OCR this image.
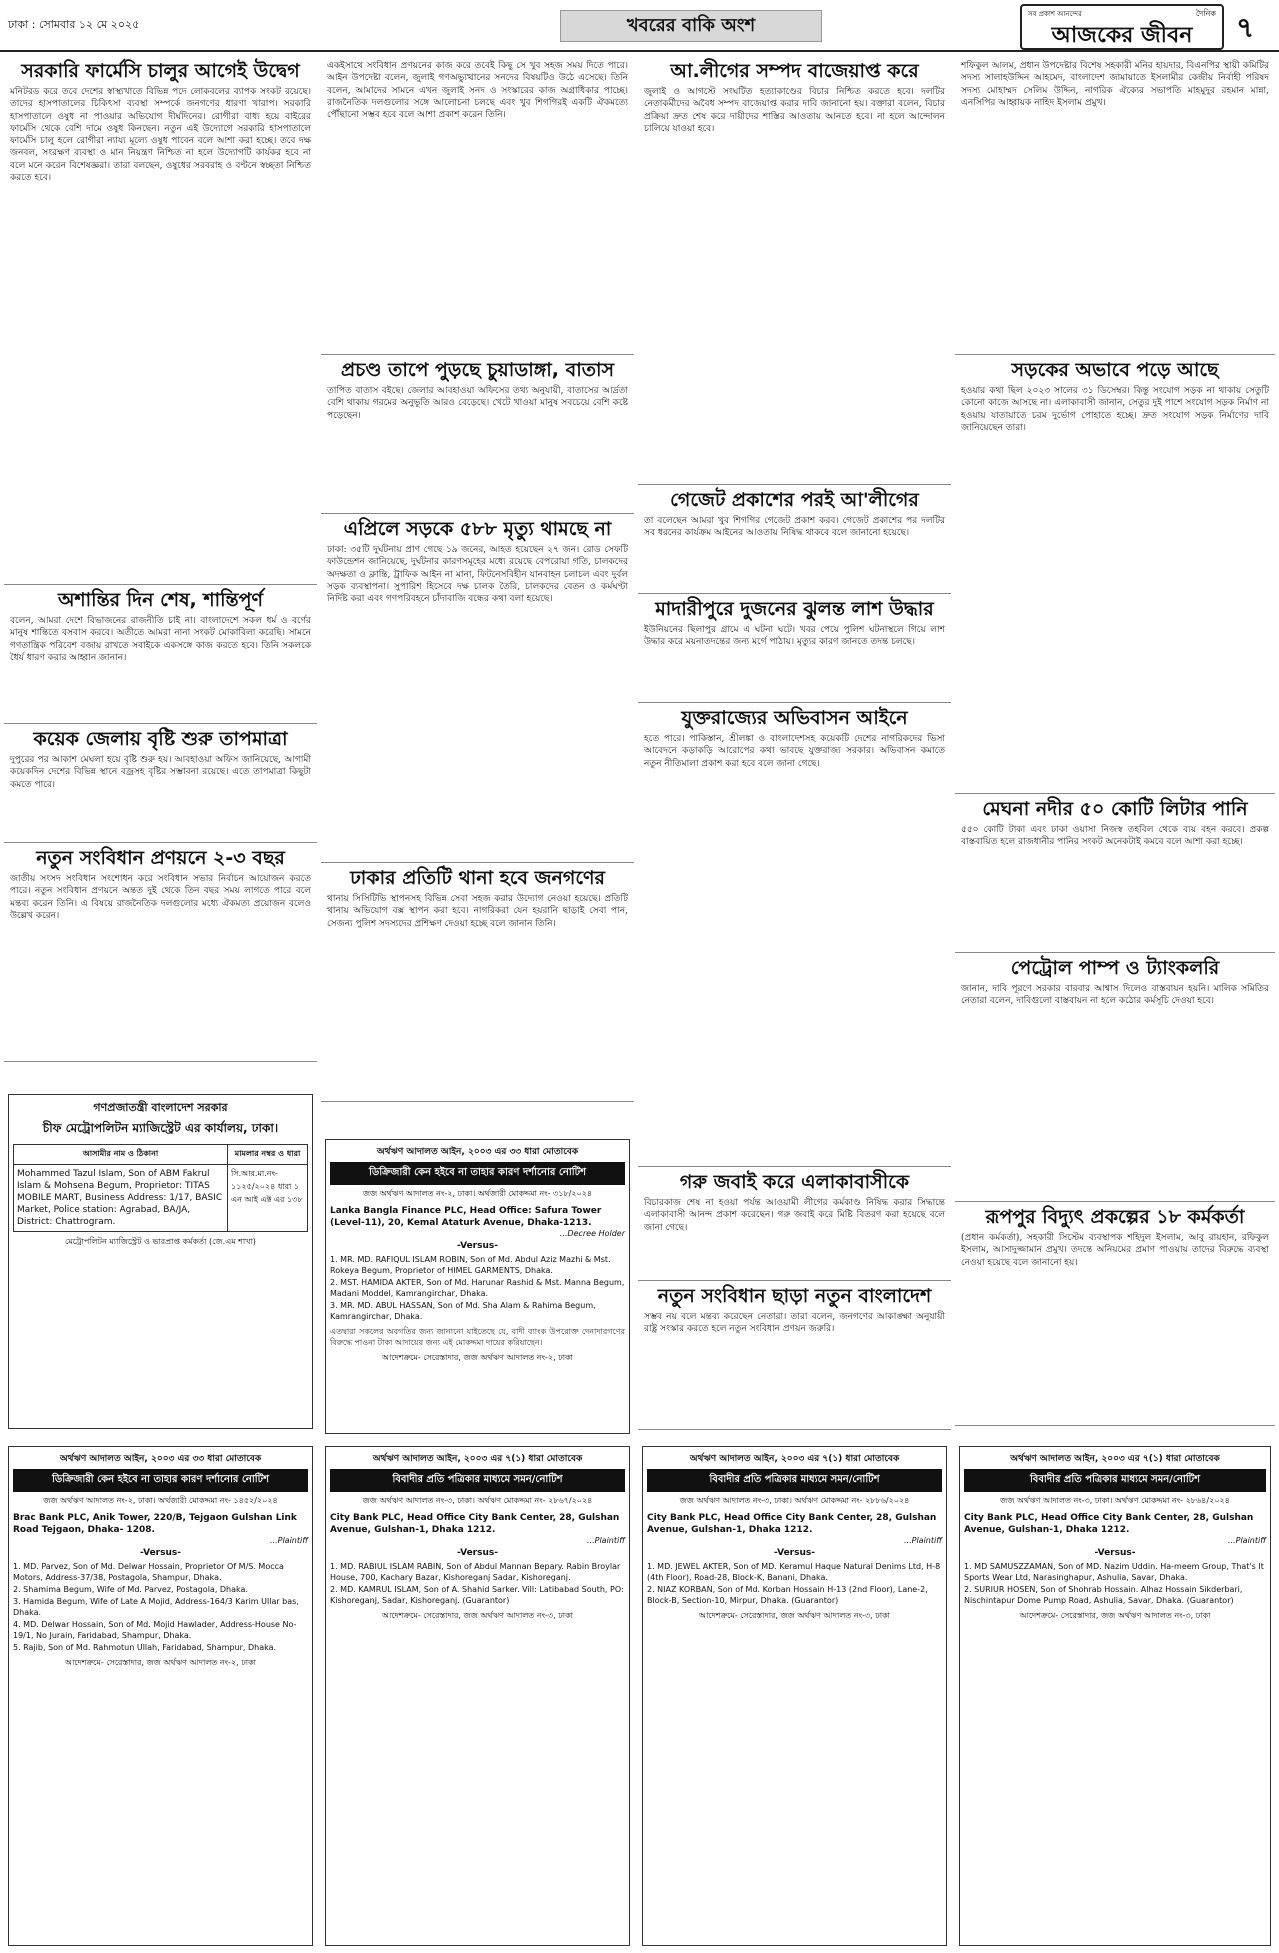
ঢাকা : সোমবার ১২ মে ২০২৫	খবরের বাকি অংশ
সব প্রকাশ আনন্দের	দৈনিক
আজকের জীবন	৭
সরকারি ফার্মেসি চালুর আগেই উদ্বেগ

মনিটরড করে তবে দেশের স্বাস্থ্যখাতে বিভিন্ন পদে লোকবলের ব্যাপক সংকট রয়েছে। তাদের হাসপাতালের চিকিৎসা ব্যবস্থা সম্পর্কে জনগণের ধারণা খারাপ। সরকারি হাসপাতালে ওষুধ না পাওয়ার অভিযোগ দীর্ঘদিনের। রোগীরা বাধ্য হয়ে বাইরের ফার্মেসি থেকে বেশি দামে ওষুধ কিনছেন। নতুন এই উদ্যোগে সরকারি হাসপাতালে ফার্মেসি চালু হলে রোগীরা ন্যায্য মূল্যে ওষুধ পাবেন বলে আশা করা হচ্ছে। তবে দক্ষ জনবল, সংরক্ষণ ব্যবস্থা ও মান নিয়ন্ত্রণ নিশ্চিত না হলে উদ্যোগটি কার্যকর হবে না বলে মনে করেন বিশেষজ্ঞরা। তারা বলছেন, ওষুধের সরবরাহ ও বণ্টনে স্বচ্ছতা নিশ্চিত করতে হবে।

অশান্তির দিন শেষ, শান্তিপূর্ণ

বলেন, আমরা দেশে বিভাজনের রাজনীতি চাই না। বাংলাদেশে সকল ধর্ম ও বর্ণের মানুষ শান্তিতে বসবাস করবে। অতীতে আমরা নানা সংকট মোকাবিলা করেছি। সামনে গণতান্ত্রিক পরিবেশ বজায় রাখতে সবাইকে একসঙ্গে কাজ করতে হবে। তিনি সকলকে ধৈর্য ধারণ করার আহ্বান জানান।

কয়েক জেলায় বৃষ্টি শুরু তাপমাত্রা

দুপুরের পর আকাশ মেঘলা হয়ে বৃষ্টি শুরু হয়। আবহাওয়া অফিস জানিয়েছে, আগামী কয়েকদিন দেশের বিভিন্ন স্থানে বজ্রসহ বৃষ্টির সম্ভাবনা রয়েছে। এতে তাপমাত্রা কিছুটা কমতে পারে।

নতুন সংবিধান প্রণয়নে ২-৩ বছর

জাতীয় সংসদ সংবিধান সংশোধন করে সংবিধান সভার নির্বাচন আয়োজন করতে পারে। নতুন সংবিধান প্রণয়নে অন্তত দুই থেকে তিন বছর সময় লাগতে পারে বলে মন্তব্য করেন তিনি। এ বিষয়ে রাজনৈতিক দলগুলোর মধ্যে ঐকমত্য প্রয়োজন বলেও উল্লেখ করেন।

গণপ্রজাতন্ত্রী বাংলাদেশ সরকার
চীফ মেট্রোপলিটন ম্যাজিস্ট্রেট এর কার্যালয়, ঢাকা।
আসামীর নাম ও ঠিকানা	মামলার নম্বর ও ধারা
Mohammed Tazul Islam, Son of ABM Fakrul Islam & Mohsena Begum, Proprietor: TITAS MOBILE MART, Business Address: 1/17, BASIC Market, Police station: Agrabad, BA/JA, District: Chattrogram.	সি.আর.মা.নং- ১১২৫/২০২৪ ধারা ১ এন আই এক্ট এর ১৩৮
মেট্রোপলিটন ম্যাজিস্ট্রেট ও ভারপ্রাপ্ত কর্মকর্তা (জে.এম শাখা)

একইসাথে সংবিধান প্রণয়নের কাজ করে তবেই কিছু সে খুব সহজ সময় দিতে পারে। আইন উপদেষ্টা বলেন, জুলাই গণঅভ্যুত্থানের সনদের বিষয়টিও উঠে এসেছে। তিনি বলেন, আমাদের সামনে এখন জুলাই সনদ ও সংস্কারের কাজ অগ্রাধিকার পাচ্ছে। রাজনৈতিক দলগুলোর সঙ্গে আলোচনা চলছে এবং খুব শিগগিরই একটি ঐকমত্যে পৌঁছানো সম্ভব হবে বলে আশা প্রকাশ করেন তিনি।

প্রচণ্ড তাপে পুড়ছে চুয়াডাঙ্গা, বাতাস

তাপিত বাতাস বইছে। জেলার আবহাওয়া অফিসের তথ্য অনুযায়ী, বাতাসের আর্দ্রতা বেশি থাকায় গরমের অনুভূতি আরও বেড়েছে। খেটে খাওয়া মানুষ সবচেয়ে বেশি কষ্টে পড়েছেন।

এপ্রিলে সড়কে ৫৮৮ মৃত্যু থামছে না

ঢাকা: ৩৫টি দুর্ঘটনায় প্রাণ গেছে ১৯ জনের, আহত হয়েছেন ২৭ জন। রোড সেফটি ফাউন্ডেশন জানিয়েছে, দুর্ঘটনার কারণসমূহের মধ্যে রয়েছে বেপরোয়া গতি, চালকদের অদক্ষতা ও ক্লান্তি, ট্রাফিক আইন না মানা, ফিটনেসবিহীন যানবাহন চলাচল এবং দুর্বল সড়ক ব্যবস্থাপনা। সুপারিশ হিসেবে দক্ষ চালক তৈরি, চালকদের বেতন ও কর্মঘণ্টা নির্দিষ্ট করা এবং গণপরিবহনে চাঁদাবাজি বন্ধের কথা বলা হয়েছে।

ঢাকার প্রতিটি থানা হবে জনগণের

থানায় সিসিটিভি স্থাপনসহ বিভিন্ন সেবা সহজ করার উদ্যোগ নেওয়া হয়েছে। প্রতিটি থানায় অভিযোগ বক্স স্থাপন করা হবে। নাগরিকরা যেন হয়রানি ছাড়াই সেবা পান, সেজন্য পুলিশ সদস্যদের প্রশিক্ষণ দেওয়া হচ্ছে বলে জানান তিনি।

অর্থঋণ আদালত আইন, ২০০৩ এর ৩৩ ধারা মোতাবেক
ডিক্রিজারী কেন হইবে না তাহার কারণ দর্শানোর নোটিশ
জজ অর্থঋণ আদালত নং-২, ঢাকা। অর্থজারী মোকদ্দমা নং- ৩১৮/২০২৪
Lanka Bangla Finance PLC, Head Office: Safura Tower (Level-11), 20, Kemal Ataturk Avenue, Dhaka-1213.
...Decree Holder
-Versus-
1. MR. MD. RAFIQUL ISLAM ROBIN, Son of Md. Abdul Aziz Mazhi & Mst. Rokeya Begum, Proprietor of HIMEL GARMENTS, Dhaka.
2. MST. HAMIDA AKTER, Son of Md. Harunar Rashid & Mst. Manna Begum, Madani Moddel, Kamrangirchar, Dhaka.
3. MR. MD. ABUL HASSAN, Son of Md. Sha Alam & Rahima Begum, Kamrangirchar, Dhaka.
এতদ্বারা সকলের অবগতির জন্য জানানো যাইতেছে যে, বাদী ব্যাংক উপরোক্ত দেনাদারগণের বিরুদ্ধে পাওনা টাকা আদায়ের জন্য এই মোকদ্দমা দায়ের করিয়াছেন।
আদেশক্রমে- সেরেস্তাদার, জজ অর্থঋণ আদালত নং-২, ঢাকা
আ.লীগের সম্পদ বাজেয়াপ্ত করে

জুলাই ও আগস্টে সংঘটিত হত্যাকাণ্ডের বিচার নিশ্চিত করতে হবে। দলটির নেতাকর্মীদের অবৈধ সম্পদ বাজেয়াপ্ত করার দাবি জানানো হয়। বক্তারা বলেন, বিচার প্রক্রিয়া দ্রুত শেষ করে দায়ীদের শাস্তির আওতায় আনতে হবে। না হলে আন্দোলন চালিয়ে যাওয়া হবে।

গেজেট প্রকাশের পরই আ'লীগের

তা বলেছেন আমরা খুব শিগগির গেজেট প্রকাশ করব। গেজেট প্রকাশের পর দলটির সব ধরনের কার্যক্রম আইনের আওতায় নিষিদ্ধ থাকবে বলে জানানো হয়েছে।

মাদারীপুরে দুজনের ঝুলন্ত লাশ উদ্ধার

ইউনিয়নের ছিলাপুর গ্রামে এ ঘটনা ঘটে। খবর পেয়ে পুলিশ ঘটনাস্থলে গিয়ে লাশ উদ্ধার করে ময়নাতদন্তের জন্য মর্গে পাঠায়। মৃত্যুর কারণ জানতে তদন্ত চলছে।

যুক্তরাজ্যের অভিবাসন আইনে

হতে পারে। পাকিস্তান, শ্রীলঙ্কা ও বাংলাদেশসহ কয়েকটি দেশের নাগরিকদের ভিসা আবেদনে কড়াকড়ি আরোপের কথা ভাবছে যুক্তরাজ্য সরকার। অভিবাসন কমাতে নতুন নীতিমালা প্রকাশ করা হবে বলে জানা গেছে।

গরু জবাই করে এলাকাবাসীকে

বিচারকাজ শেষ না হওয়া পর্যন্ত আওয়ামী লীগের কর্মকাণ্ড নিষিদ্ধ করার সিদ্ধান্তে এলাকাবাসী আনন্দ প্রকাশ করেছেন। গরু জবাই করে মিষ্টি বিতরণ করা হয়েছে বলে জানা গেছে।

নতুন সংবিধান ছাড়া নতুন বাংলাদেশ

সম্ভব নয় বলে মন্তব্য করেছেন নেতারা। তারা বলেন, জনগণের আকাঙ্ক্ষা অনুযায়ী রাষ্ট্র সংস্কার করতে হলে নতুন সংবিধান প্রণয়ন জরুরি।

শফিকুল আলম, প্রধান উপদেষ্টার বিশেষ সহকারী মনির হায়দার, বিএনপির স্থায়ী কমিটির সদস্য সালাহউদ্দিন আহমেদ, বাংলাদেশ জামায়াতে ইসলামীর কেন্দ্রীয় নির্বাহী পরিষদ সদস্য মোহাম্মদ সেলিম উদ্দিন, নাগরিক ঐক্যের সভাপতি মাহমুদুর রহমান মান্না, এনসিপির আহ্বায়ক নাহিদ ইসলাম প্রমুখ।

সড়কের অভাবে পড়ে আছে

হওয়ার কথা ছিল ২০২৩ সালের ৩১ ডিসেম্বর। কিন্তু সংযোগ সড়ক না থাকায় সেতুটি কোনো কাজে আসছে না। এলাকাবাসী জানান, সেতুর দুই পাশে সংযোগ সড়ক নির্মাণ না হওয়ায় যাতায়াতে চরম দুর্ভোগ পোহাতে হচ্ছে। দ্রুত সংযোগ সড়ক নির্মাণের দাবি জানিয়েছেন তারা।

মেঘনা নদীর ৫০ কোটি লিটার পানি

৫৫০ কোটি টাকা এবং ঢাকা ওয়াসা নিজস্ব তহবিল থেকে ব্যয় বহন করবে। প্রকল্প বাস্তবায়িত হলে রাজধানীর পানির সংকট অনেকটাই কমবে বলে আশা করা হচ্ছে।

পেট্রোল পাম্প ও ট্যাংকলরি

জানান, দাবি পূরণে সরকার বারবার আশ্বাস দিলেও বাস্তবায়ন হয়নি। মালিক সমিতির নেতারা বলেন, দাবিগুলো বাস্তবায়ন না হলে কঠোর কর্মসূচি দেওয়া হবে।

রূপপুর বিদ্যুৎ প্রকল্পের ১৮ কর্মকর্তা

(প্রধান কর্মকর্তা), সহকারী সিস্টেম ব্যবস্থাপক শহিদুল ইসলাম, আবু রায়হান, রফিকুল ইসলাম, আসাদুজ্জামান প্রমুখ। তদন্তে অনিয়মের প্রমাণ পাওয়ায় তাদের বিরুদ্ধে ব্যবস্থা নেওয়া হয়েছে বলে জানানো হয়।

অর্থঋণ আদালত আইন, ২০০৩ এর ৩৩ ধারা মোতাবেক
ডিক্রিজারী কেন হইবে না তাহার কারণ দর্শানোর নোটিশ
জজ অর্থঋণ আদালত নং-২, ঢাকা। অর্থজারী মোকদ্দমা নং- ১৪৫২/২০২৪
Brac Bank PLC, Anik Tower, 220/B, Tejgaon Gulshan Link Road Tejgaon, Dhaka- 1208.
...Plaintiff
-Versus-
1. MD. Parvez, Son of Md. Delwar Hossain, Proprietor Of M/S. Mocca Motors, Address-37/38, Postagola, Shampur, Dhaka.
2. Shamima Begum, Wife of Md. Parvez, Postagola, Dhaka.
3. Hamida Begum, Wife of Late A Mojid, Address-164/3 Karim Ullar bas, Dhaka.
4. MD. Delwar Hossain, Son of Md. Mojid Hawlader, Address-House No-19/1, No Jurain, Faridabad, Shampur, Dhaka.
5. Rajib, Son of Md. Rahmotun Ullah, Faridabad, Shampur, Dhaka.
আদেশক্রমে- সেরেস্তাদার, জজ অর্থঋণ আদালত নং-২, ঢাকা
অর্থঋণ আদালত আইন, ২০০৩ এর ৭(১) ধারা মোতাবেক
বিবাদীর প্রতি পত্রিকার মাধ্যমে সমন/নোটিশ
জজ অর্থঋণ আদালত নং-৩, ঢাকা। অর্থঋণ মোকদ্দমা নং- ২৮৬৭/২০২৪
City Bank PLC, Head Office City Bank Center, 28, Gulshan Avenue, Gulshan-1, Dhaka 1212.
...Plaintiff
-Versus-
1. MD. RABIUL ISLAM RABIN, Son of Abdul Mannan Bepary. Rabin Broylar House, 700, Kachary Bazar, Kishoreganj Sadar, Kishoreganj.
2. MD. KAMRUL ISLAM, Son of A. Shahid Sarker. Vill: Latibabad South, PO: Kishoreganj, Sadar, Kishoreganj. (Guarantor)
আদেশক্রমে- সেরেস্তাদার, জজ অর্থঋণ আদালত নং-৩, ঢাকা
অর্থঋণ আদালত আইন, ২০০৩ এর ৭(১) ধারা মোতাবেক
বিবাদীর প্রতি পত্রিকার মাধ্যমে সমন/নোটিশ
জজ অর্থঋণ আদালত নং-৩, ঢাকা। অর্থঋণ মোকদ্দমা নং- ২৮৮৬/২০২৪
City Bank PLC, Head Office City Bank Center, 28, Gulshan Avenue, Gulshan-1, Dhaka 1212.
...Plaintiff
-Versus-
1. MD. JEWEL AKTER, Son of MD. Keramul Haque Natural Denims Ltd, H-8 (4th Floor), Road-28, Block-K, Banani, Dhaka.
2. NIAZ KORBAN, Son of Md. Korban Hossain H-13 (2nd Floor), Lane-2, Block-B, Section-10, Mirpur, Dhaka. (Guarantor)
আদেশক্রমে- সেরেস্তাদার, জজ অর্থঋণ আদালত নং-৩, ঢাকা
অর্থঋণ আদালত আইন, ২০০৩ এর ৭(১) ধারা মোতাবেক
বিবাদীর প্রতি পত্রিকার মাধ্যমে সমন/নোটিশ
জজ অর্থঋণ আদালত নং-৩, ঢাকা। অর্থঋণ মোকদ্দমা নং- ২৮৬৪/২০২৪
City Bank PLC, Head Office City Bank Center, 28, Gulshan Avenue, Gulshan-1, Dhaka 1212.
...Plaintiff
-Versus-
1. MD SAMUSZZAMAN, Son of MD. Nazim Uddin. Ha-meem Group, That's It Sports Wear Ltd, Narasinghapur, Ashulia, Savar, Dhaka.
2. SURIUR HOSEN, Son of Shohrab Hossain. Alhaz Hossain Sikderbari, Nischintapur Dome Pump Road, Ashulia, Savar, Dhaka. (Guarantor)
আদেশক্রমে- সেরেস্তাদার, জজ অর্থঋণ আদালত নং-৩, ঢাকা
